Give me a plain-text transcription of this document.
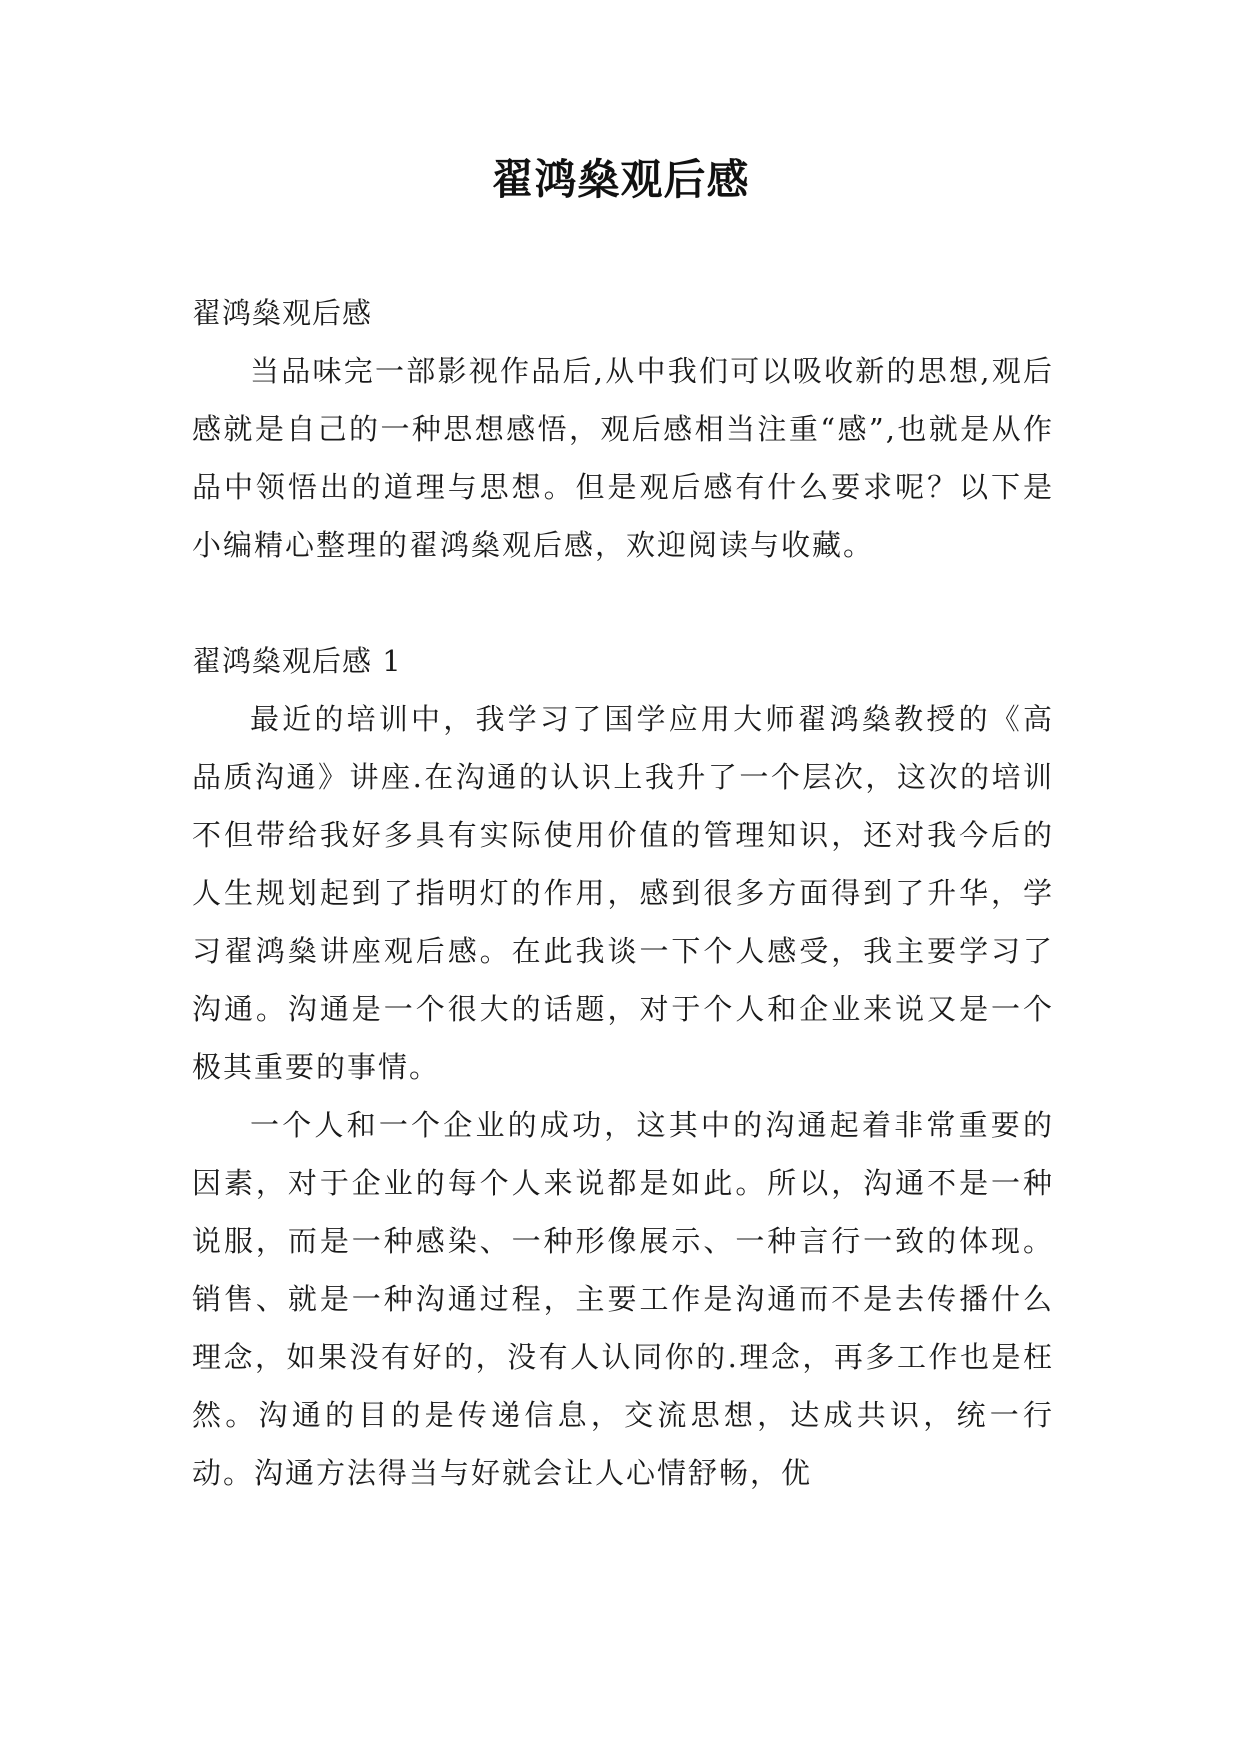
翟鸿燊观后感

翟鸿燊观后感

当品味完一部影视作品后,从中我们可以吸收新的思想,观后感就是自己的一种思想感悟，观后感相当注重“感”,也就是从作品中领悟出的道理与思想。但是观后感有什么要求呢？以下是小编精心整理的翟鸿燊观后感，欢迎阅读与收藏。

翟鸿燊观后感 1

最近的培训中，我学习了国学应用大师翟鸿燊教授的《高品质沟通》讲座.在沟通的认识上我升了一个层次，这次的培训不但带给我好多具有实际使用价值的管理知识，还对我今后的人生规划起到了指明灯的作用，感到很多方面得到了升华，学习翟鸿燊讲座观后感。在此我谈一下个人感受，我主要学习了沟通。沟通是一个很大的话题，对于个人和企业来说又是一个极其重要的事情。

一个人和一个企业的成功，这其中的沟通起着非常重要的因素，对于企业的每个人来说都是如此。所以，沟通不是一种说服，而是一种感染、一种形像展示、一种言行一致的体现。销售、就是一种沟通过程，主要工作是沟通而不是去传播什么理念，如果没有好的，没有人认同你的.理念，再多工作也是枉然。沟通的目的是传递信息，交流思想，达成共识，统一行动。沟通方法得当与好就会让人心情舒畅，优
